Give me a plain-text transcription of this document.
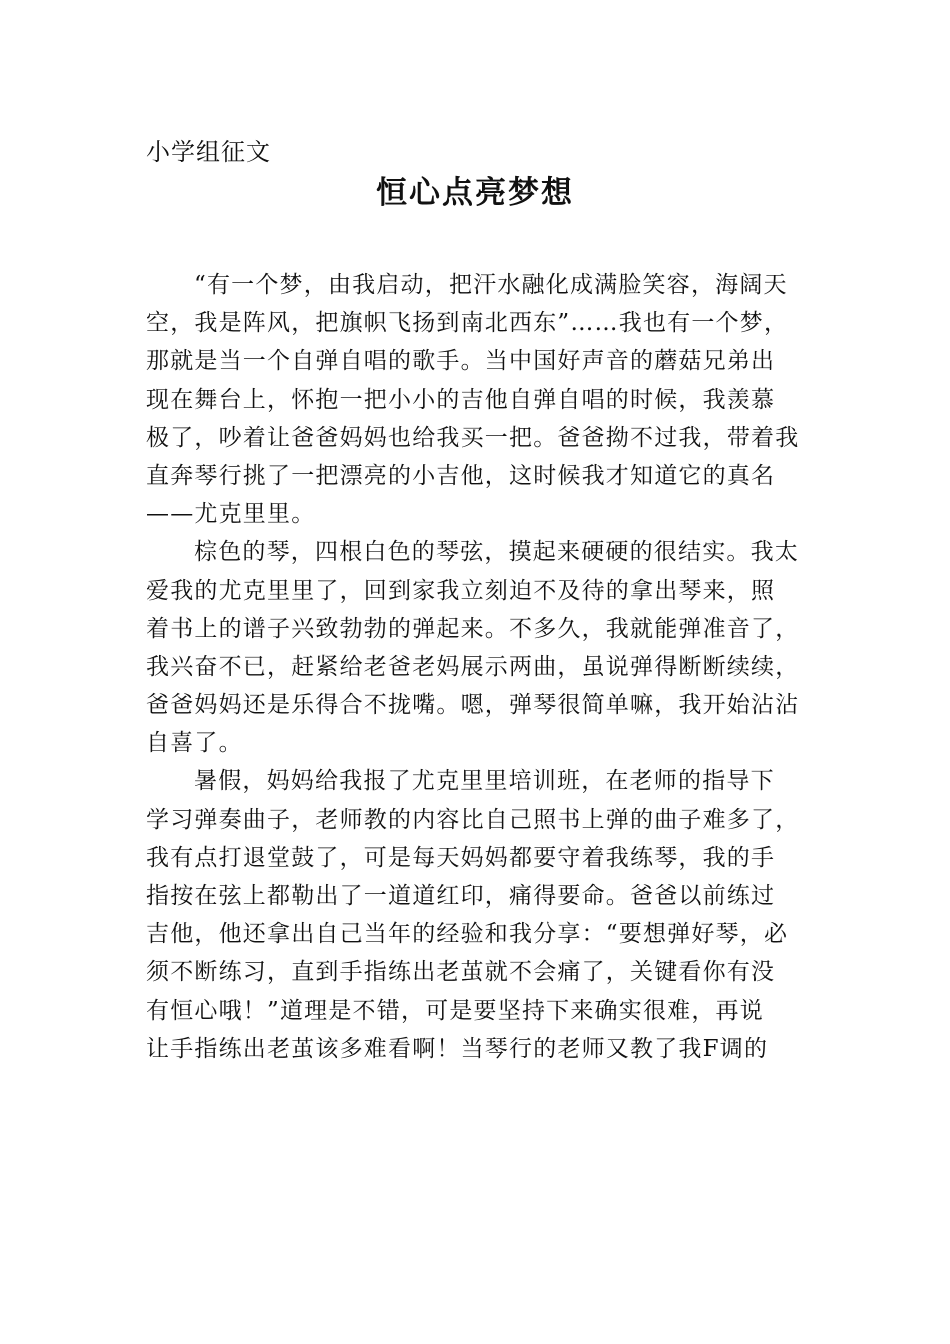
小学组征文
恒心点亮梦想
“有一个梦，由我启动，把汗水融化成满脸笑容，海阔天
空，我是阵风，把旗帜飞扬到南北西东”……我也有一个梦，
那就是当一个自弹自唱的歌手。当中国好声音的蘑菇兄弟出
现在舞台上，怀抱一把小小的吉他自弹自唱的时候，我羡慕
极了，吵着让爸爸妈妈也给我买一把。爸爸拗不过我，带着我
直奔琴行挑了一把漂亮的小吉他，这时候我才知道它的真名
——尤克里里。
棕色的琴，四根白色的琴弦，摸起来硬硬的很结实。我太
爱我的尤克里里了，回到家我立刻迫不及待的拿出琴来，照
着书上的谱子兴致勃勃的弹起来。不多久，我就能弹准音了，
我兴奋不已，赶紧给老爸老妈展示两曲，虽说弹得断断续续，
爸爸妈妈还是乐得合不拢嘴。嗯，弹琴很简单嘛，我开始沾沾
自喜了。
暑假，妈妈给我报了尤克里里培训班，在老师的指导下
学习弹奏曲子，老师教的内容比自己照书上弹的曲子难多了，
我有点打退堂鼓了，可是每天妈妈都要守着我练琴，我的手
指按在弦上都勒出了一道道红印，痛得要命。爸爸以前练过
吉他，他还拿出自己当年的经验和我分享：“要想弹好琴，必
须不断练习，直到手指练出老茧就不会痛了，关键看你有没
有恒心哦！”道理是不错，可是要坚持下来确实很难，再说
让手指练出老茧该多难看啊！当琴行的老师又教了我F调的
